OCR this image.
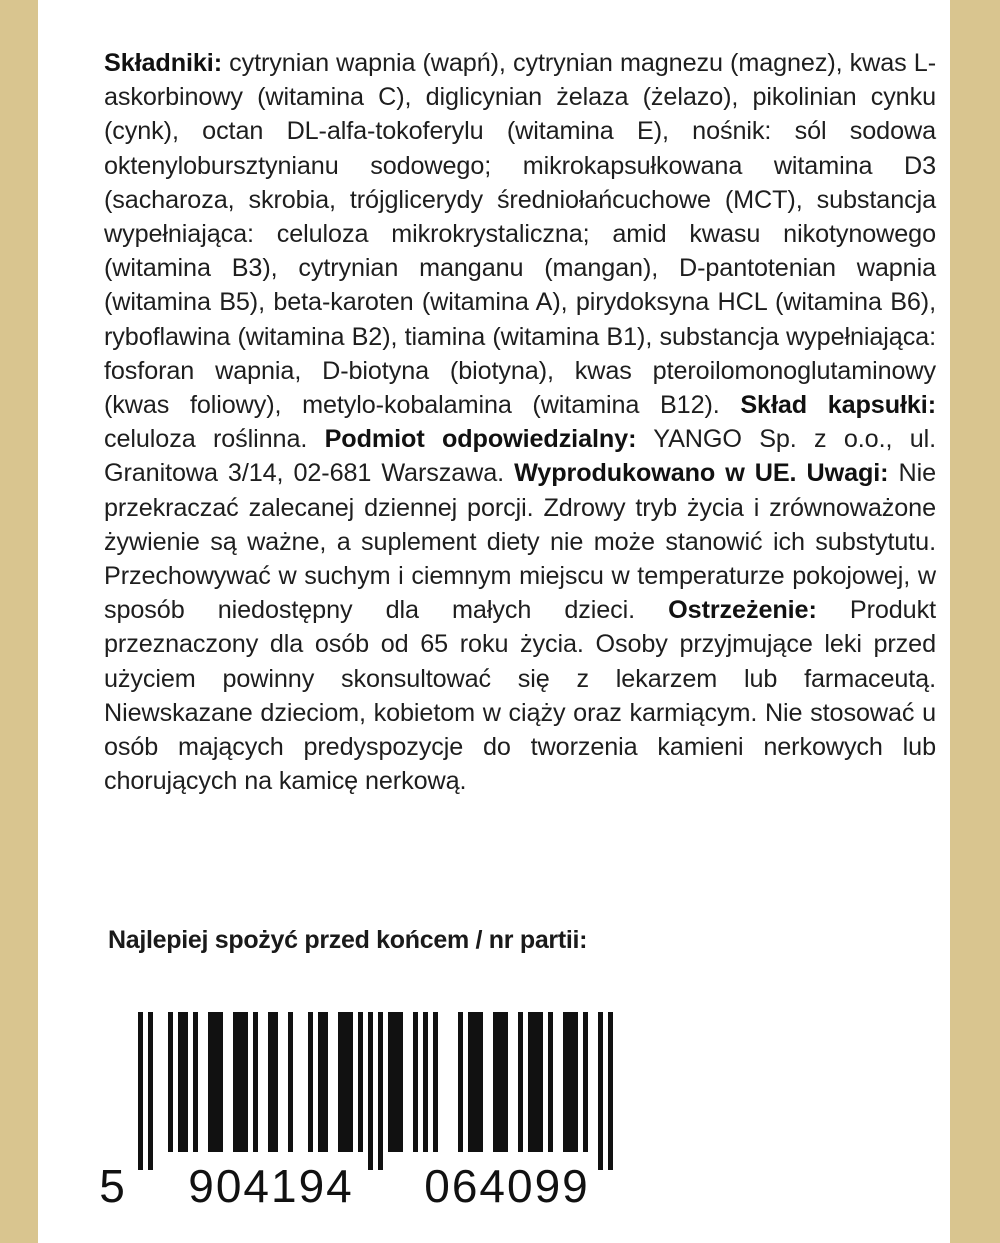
Składniki: cytrynian wapnia (wapń), cytrynian magnezu (magnez), kwas L-askorbinowy (witamina C), diglicynian żelaza (żelazo), pikolinian cynku (cynk), octan DL-alfa-tokoferylu (witamina E), nośnik: sól sodowa oktenylobursztynianu sodowego; mikrokapsułkowana witamina D3 (sacharoza, skrobia, trójglicerydy średniołańcuchowe (MCT), substancja wypełniająca: celuloza mikrokrystaliczna; amid kwasu nikotynowego (witamina B3), cytrynian manganu (mangan), D-pantotenian wapnia (witamina B5), beta-karoten (witamina A), pirydoksyna HCL (witamina B6), ryboflawina (witamina B2), tiamina (witamina B1), substancja wypełniająca: fosforan wapnia, D-biotyna (biotyna), kwas pteroilomonoglutaminowy (kwas foliowy), metylo-kobalamina (witamina B12). Skład kapsułki: celuloza roślinna. Podmiot odpowiedzialny: YANGO Sp. z o.o., ul. Granitowa 3/14, 02-681 Warszawa. Wyprodukowano w UE. Uwagi: Nie przekraczać zalecanej dziennej porcji. Zdrowy tryb życia i zrównoważone żywienie są ważne, a suplement diety nie może stanowić ich substytutu. Przechowywać w suchym i ciemnym miejscu w temperaturze pokojowej, w sposób niedostępny dla małych dzieci. Ostrzeżenie: Produkt przeznaczony dla osób od 65 roku życia. Osoby przyjmujące leki przed użyciem powinny skonsultować się z lekarzem lub farmaceutą. Niewskazane dzieciom, kobietom w ciąży oraz karmiącym. Nie stosować u osób mających predyspozycje do tworzenia kamieni nerkowych lub chorujących na kamicę nerkową.
Najlepiej spożyć przed końcem / nr partii:
5 904194 064099
